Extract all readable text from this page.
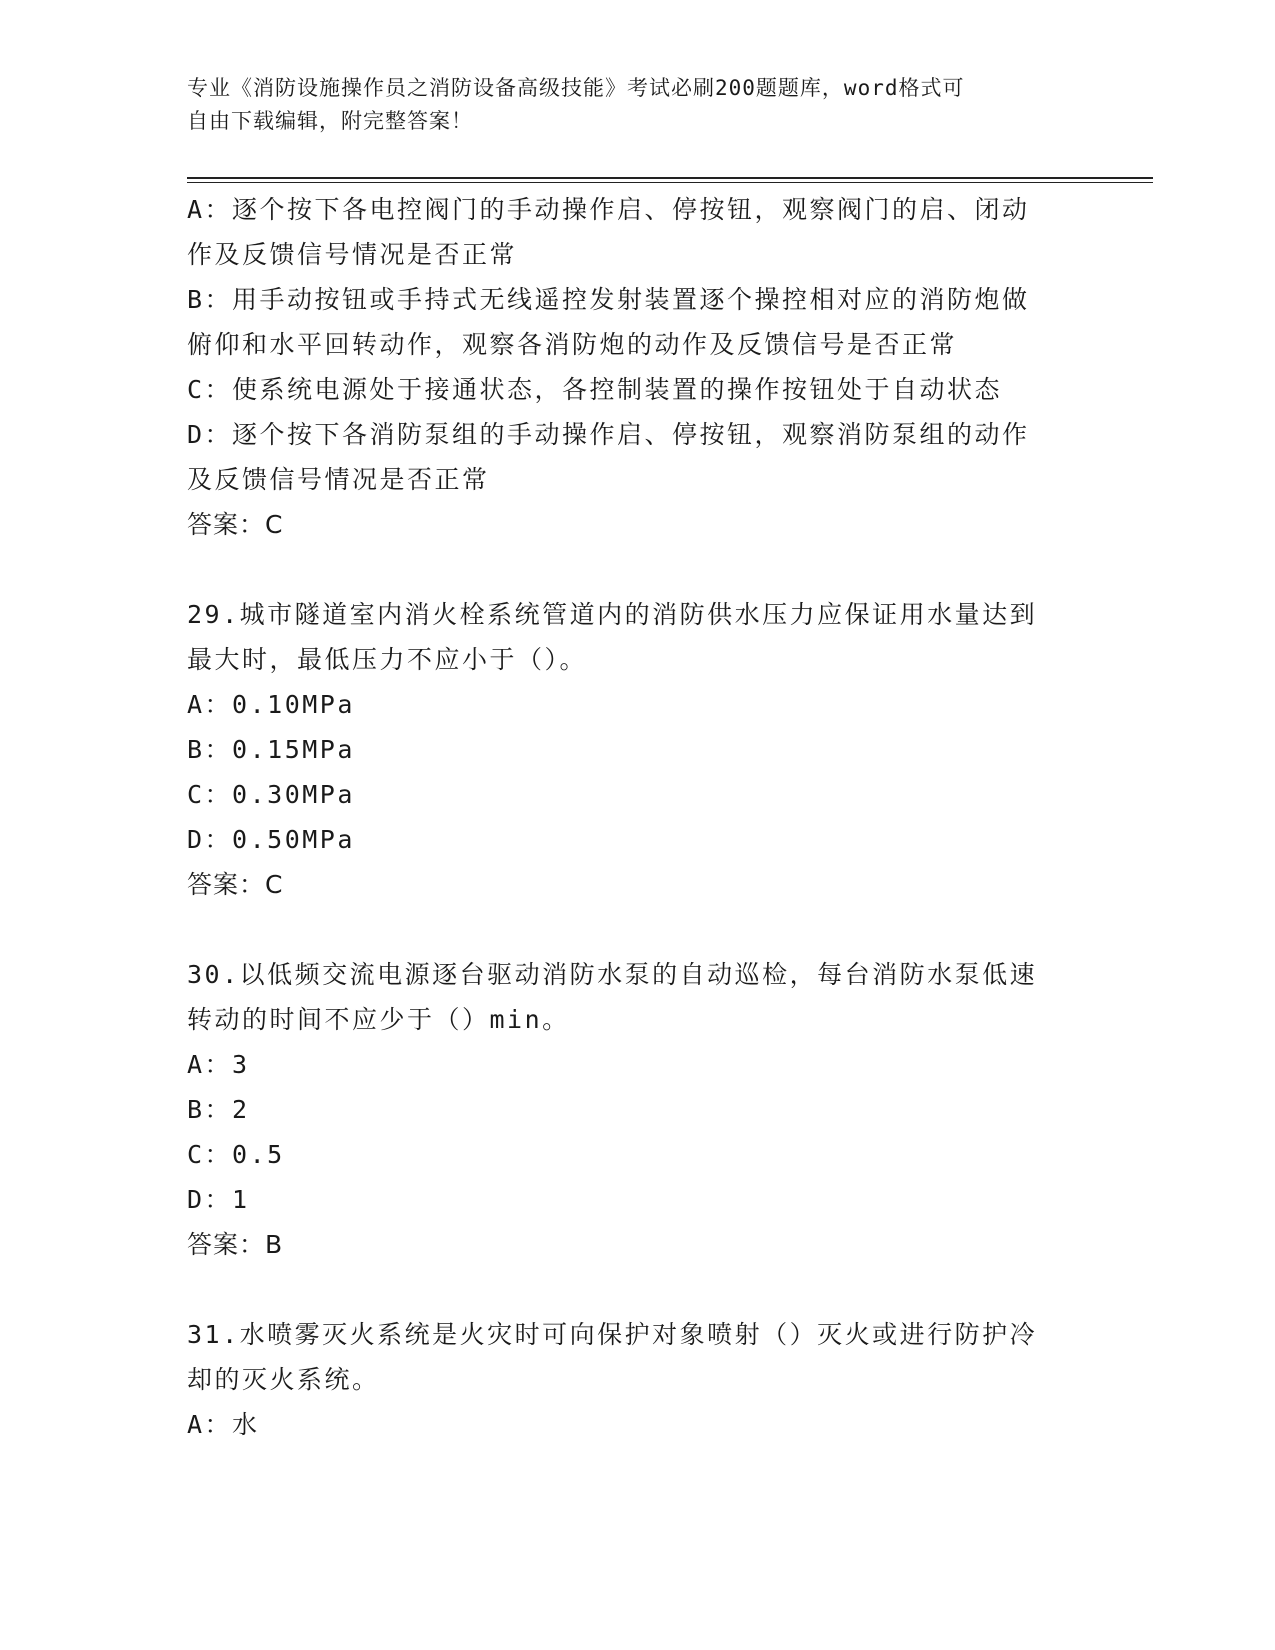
专业《消防设施操作员之消防设备高级技能》考试必刷200题题库，word格式可
自由下载编辑，附完整答案！
A：逐个按下各电控阀门的手动操作启、停按钮，观察阀门的启、闭动
作及反馈信号情况是否正常
B：用手动按钮或手持式无线遥控发射装置逐个操控相对应的消防炮做
俯仰和水平回转动作，观察各消防炮的动作及反馈信号是否正常
C：使系统电源处于接通状态，各控制装置的操作按钮处于自动状态
D：逐个按下各消防泵组的手动操作启、停按钮，观察消防泵组的动作
及反馈信号情况是否正常
答案：C
29.城市隧道室内消火栓系统管道内的消防供水压力应保证用水量达到
最大时，最低压力不应小于（）。
A：0.10MPa
B：0.15MPa
C：0.30MPa
D：0.50MPa
答案：C
30.以低频交流电源逐台驱动消防水泵的自动巡检，每台消防水泵低速
转动的时间不应少于（）min。
A：3
B：2
C：0.5
D：1
答案：B
31.水喷雾灭火系统是火灾时可向保护对象喷射（）灭火或进行防护冷
却的灭火系统。
A：水
